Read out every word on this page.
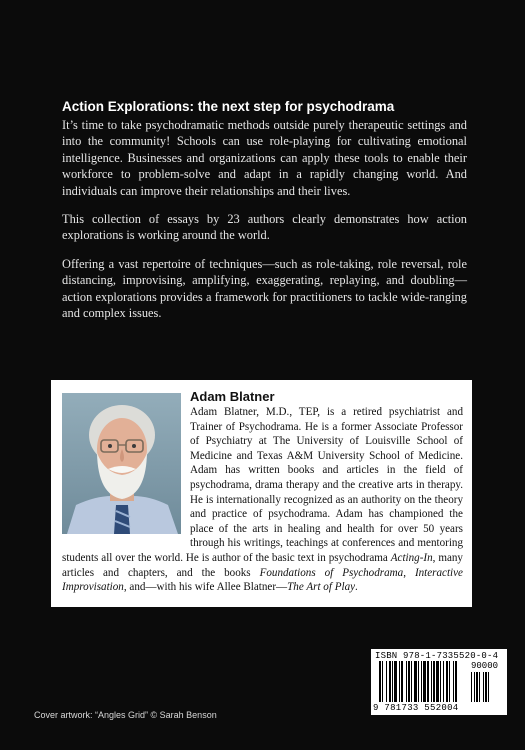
Action Explorations: the next step for psychodrama

It’s time to take psychodramatic methods outside purely therapeutic settings and into the community! Schools can use role-playing for cultivating emotional intelligence. Businesses and organizations can apply these tools to enable their workforce to problem-solve and adapt in a rapidly changing world. And individuals can improve their relationships and their lives.

This collection of essays by 23 authors clearly demonstrates how action explorations is working around the world.

Offering a vast repertoire of techniques—such as role-taking, role reversal, role distancing, improvising, amplifying, exaggerating, replaying, and doubling—action explorations provides a framework for practitioners to tackle wide-ranging and complex issues.

Adam Blatner

Adam Blatner, M.D., TEP, is a retired psychiatrist and Trainer of Psychodrama. He is a former Associate Professor of Psychiatry at The University of Louisville School of Medicine and Texas A&M University School of Medicine. Adam has written books and articles in the field of psychodrama, drama therapy and the creative arts in therapy. He is internationally recognized as an authority on the theory and practice of psychodrama. Adam has championed the place of the arts in healing and health for over 50 years through his writings, teachings at conferences and mentoring students all over the world. He is author of the basic text in psychodrama Acting-In, many articles and chapters, and the books Foundations of Psychodrama, Interactive Improvisation, and—with his wife Allee Blatner—The Art of Play.

ISBN 978-1-7335520-0-4
90000
9 781733 552004
Cover artwork: “Angles Grid” © Sarah Benson
